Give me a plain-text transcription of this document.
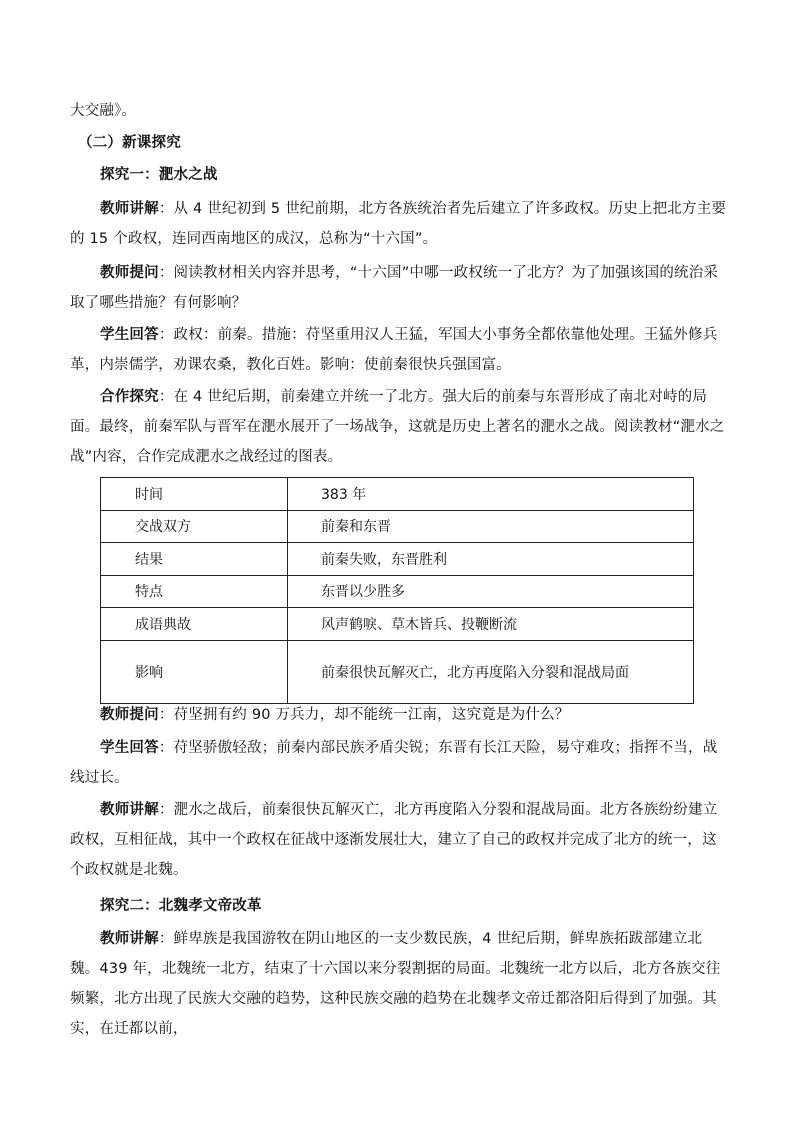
大交融》。
（二）新课探究
探究一：淝水之战
教师讲解：从 4 世纪初到 5 世纪前期，北方各族统治者先后建立了许多政权。历史上把北方主要的 15 个政权，连同西南地区的成汉，总称为“十六国”。
教师提问：阅读教材相关内容并思考，“十六国”中哪一政权统一了北方？为了加强该国的统治采取了哪些措施？有何影响？
学生回答：政权：前秦。措施：苻坚重用汉人王猛，军国大小事务全都依靠他处理。王猛外修兵革，内崇儒学，劝课农桑，教化百姓。影响：使前秦很快兵强国富。
合作探究：在 4 世纪后期，前秦建立并统一了北方。强大后的前秦与东晋形成了南北对峙的局面。最终，前秦军队与晋军在淝水展开了一场战争，这就是历史上著名的淝水之战。阅读教材“淝水之战”内容，合作完成淝水之战经过的图表。
时间	383 年
交战双方	前秦和东晋
结果	前秦失败，东晋胜利
特点	东晋以少胜多
成语典故	风声鹤唳、草木皆兵、投鞭断流
影响	前秦很快瓦解灭亡，北方再度陷入分裂和混战局面
教师提问：苻坚拥有约 90 万兵力，却不能统一江南，这究竟是为什么？
学生回答：苻坚骄傲轻敌；前秦内部民族矛盾尖锐；东晋有长江天险，易守难攻；指挥不当，战线过长。
教师讲解：淝水之战后，前秦很快瓦解灭亡，北方再度陷入分裂和混战局面。北方各族纷纷建立政权，互相征战，其中一个政权在征战中逐渐发展壮大，建立了自己的政权并完成了北方的统一，这个政权就是北魏。
探究二：北魏孝文帝改革
教师讲解：鲜卑族是我国游牧在阴山地区的一支少数民族，4 世纪后期，鲜卑族拓跋部建立北魏。439 年，北魏统一北方，结束了十六国以来分裂割据的局面。北魏统一北方以后，北方各族交往频繁，北方出现了民族大交融的趋势，这种民族交融的趋势在北魏孝文帝迁都洛阳后得到了加强。其实，在迁都以前，
